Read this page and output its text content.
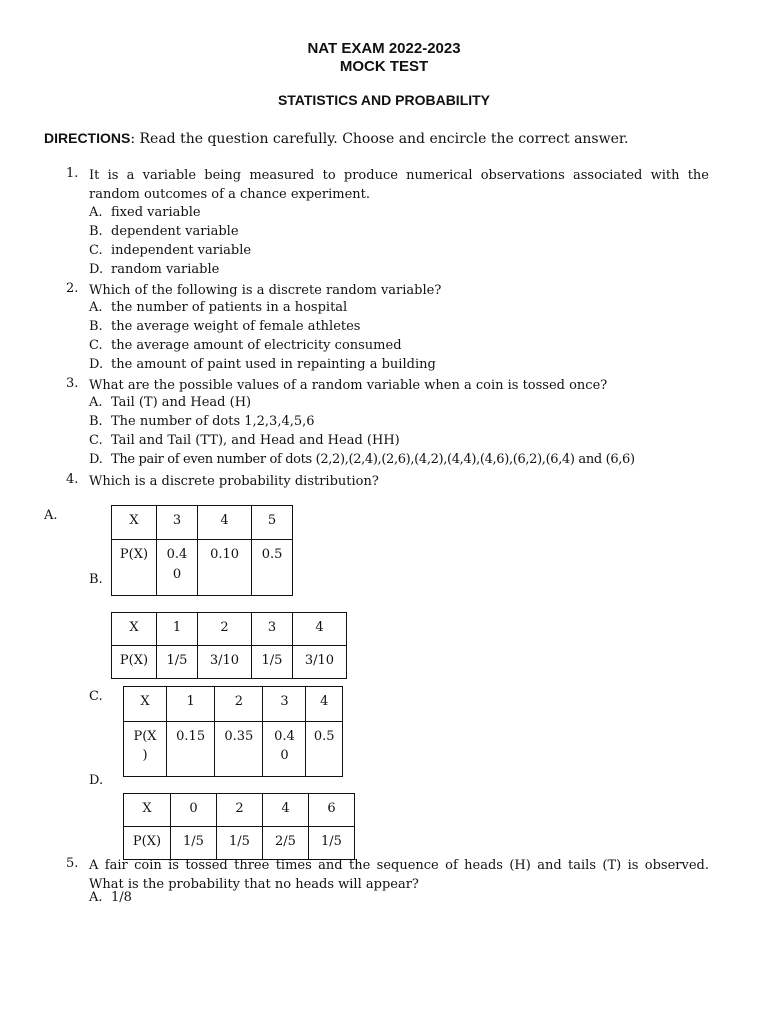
NAT EXAM 2022-2023
MOCK TEST
STATISTICS AND PROBABILITY
DIRECTIONS: Read the question carefully. Choose and encircle the correct answer.
1. It is a variable being measured to produce numerical observations associated with the random outcomes of a chance experiment.
A. fixed variable
B. dependent variable
C. independent variable
D. random variable
2. Which of the following is a discrete random variable?
A. the number of patients in a hospital
B. the average weight of female athletes
C. the average amount of electricity consumed
D. the amount of paint used in repainting a building
3. What are the possible values of a random variable when a coin is tossed once?
A. Tail (T) and Head (H)
B. The number of dots 1,2,3,4,5,6
C. Tail and Tail (TT), and Head and Head (HH)
D. The pair of even number of dots (2,2),(2,4),(2,6),(4,2),(4,4),(4,6),(6,2),(6,4) and (6,6)
4. Which is a discrete probability distribution?
A.	X	3	4	5
P(X)	0.4 0	0.10	0.5
B.
X	1	2	3	4
P(X)	1/5	3/10	1/5	3/10
C.	X	1	2	3	4
P(X )	0.15	0.35	0.4 0	0.5
D.
X	0	2	4	6
P(X)	1/5	1/5	2/5	1/5
5. A fair coin is tossed three times and the sequence of heads (H) and tails (T) is observed. What is the probability that no heads will appear?
A. 1/8
